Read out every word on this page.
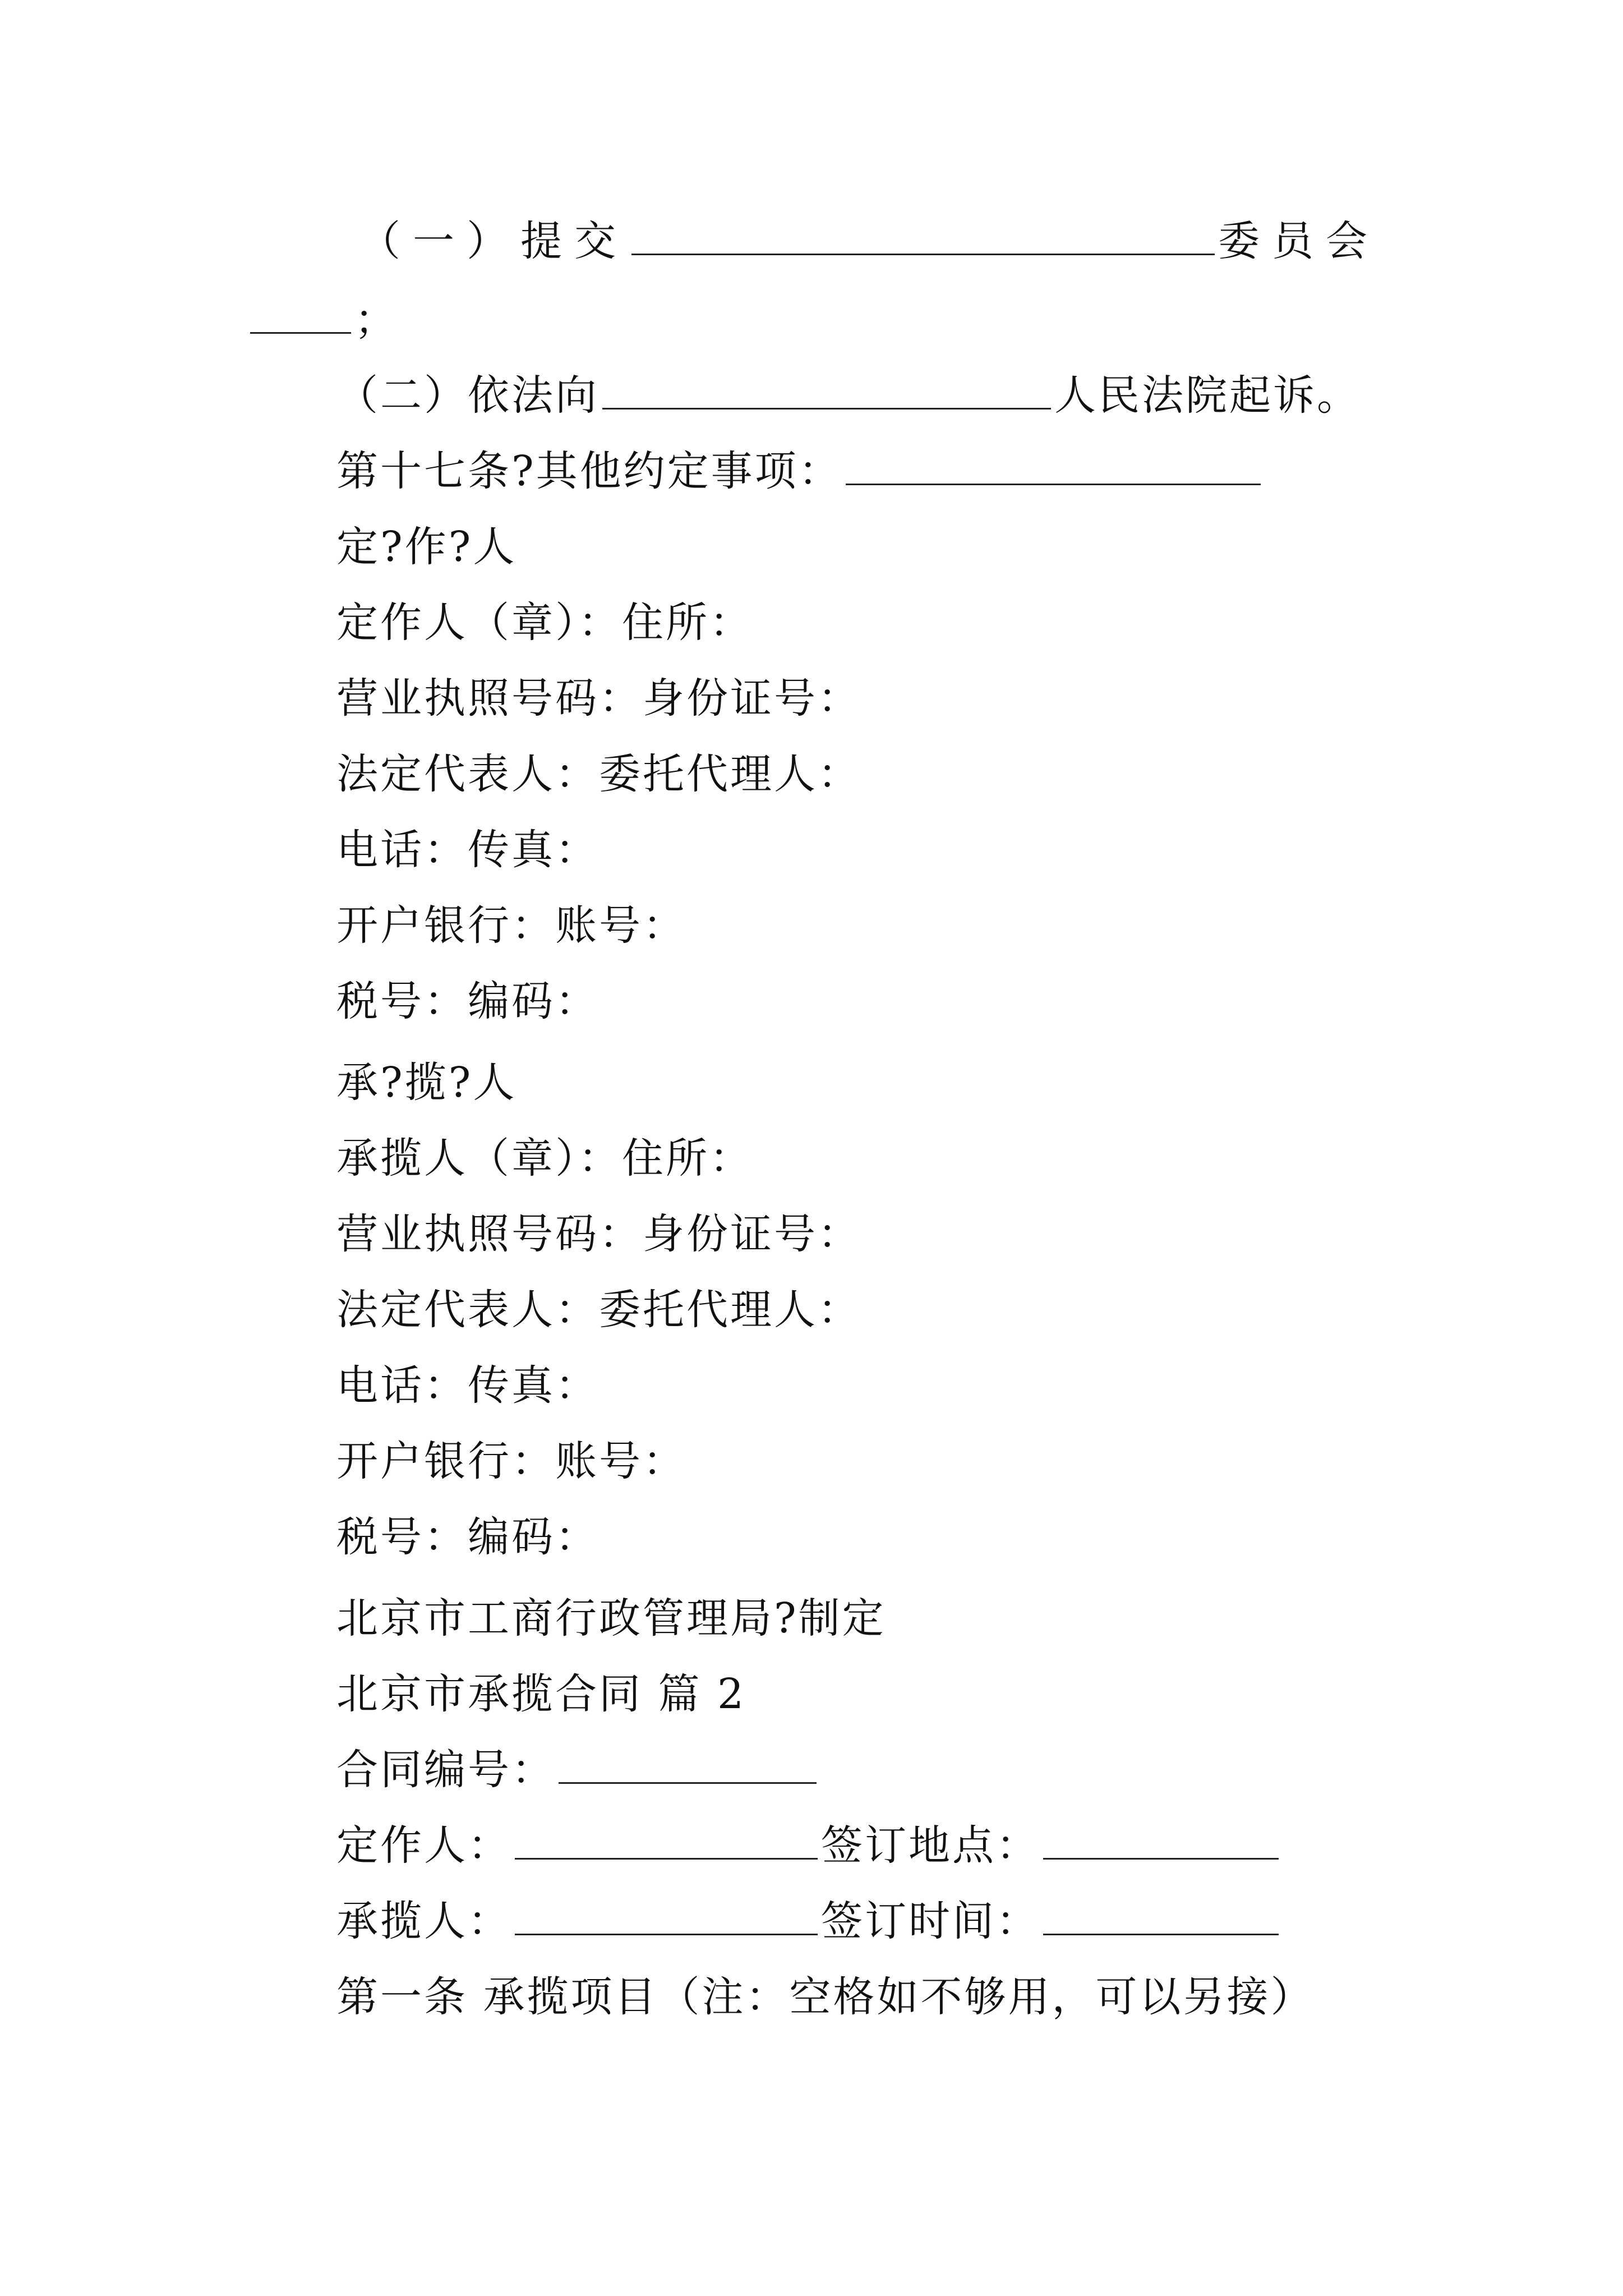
（一）提交	委员会
；
（二）依法向	人民法院起诉。
第十七条?其他约定事项：
定?作?人
定作人（章）：住所：
营业执照号码：身份证号：
法定代表人：委托代理人：
电话：传真：
开户银行：账号：
税号：编码：
承?揽?人
承揽人（章）：住所：
营业执照号码：身份证号：
法定代表人：委托代理人：
电话：传真：
开户银行：账号：
税号：编码：
北京市工商行政管理局?制定
北京市承揽合同 篇 2
合同编号：
定作人：	签订地点：
承揽人：	签订时间：
第一条 承揽项目（注：空格如不够用，可以另接）
